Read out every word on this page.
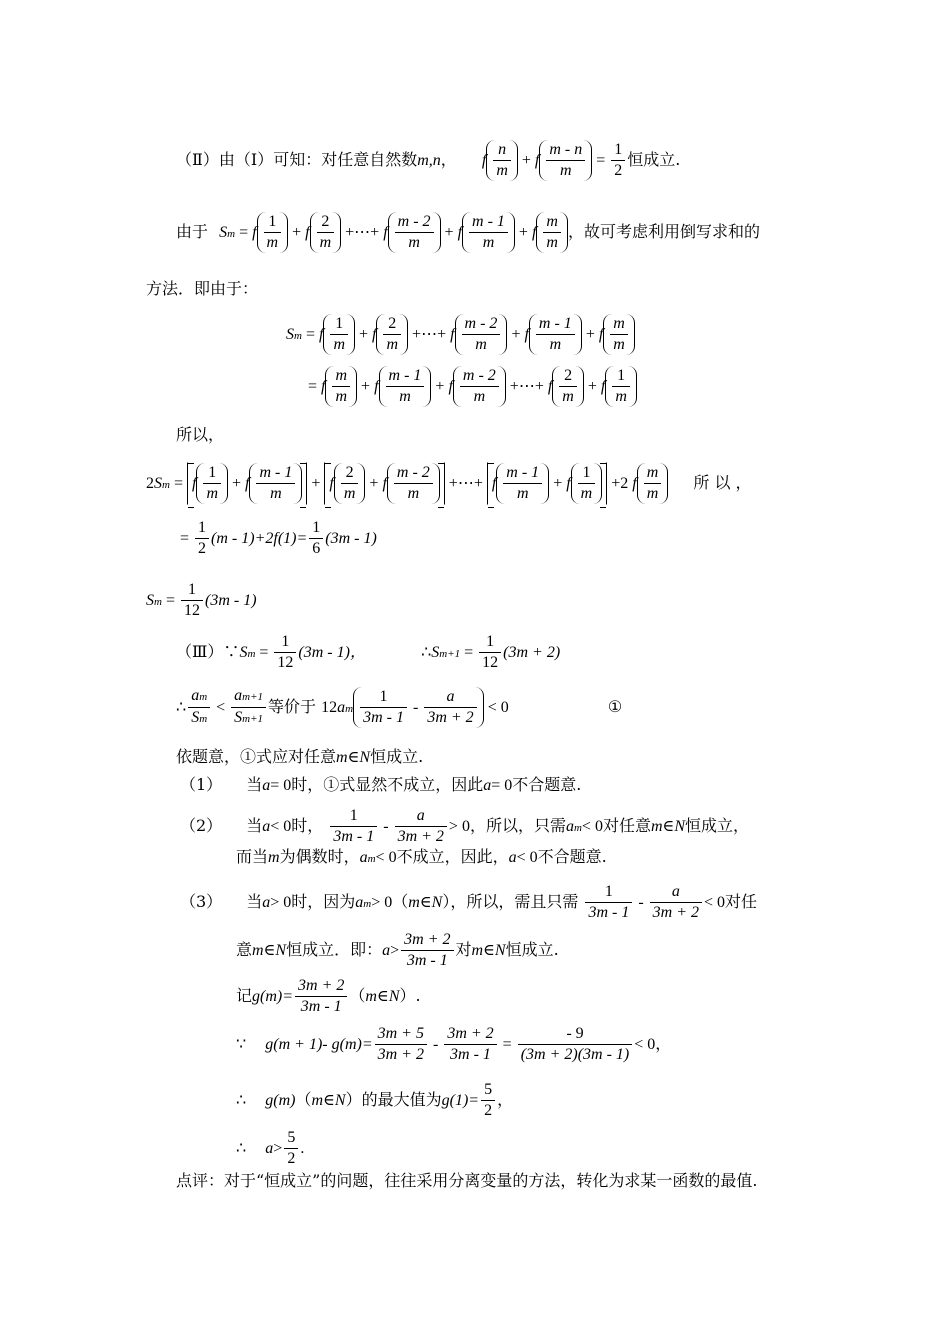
（Ⅱ）由（Ⅰ）可知：对任意自然数m,n， f $\frac{n}{m} + f \frac{m - n}{m} = \frac{1}{2}$ 恒成立.
由于 Sm = f $\frac{1}{m} + f \frac{2}{m}$ +⋯+ f $\frac{m - 2}{m} + f \frac{m - 1}{m} + f \frac{m}{m}$ ，故可考虑利用倒写求和的
方法．即由于：
Sm = f $\frac{1}{m} + f \frac{2}{m}$ +⋯+ f $\frac{m - 2}{m} + f \frac{m - 1}{m} + f \frac{m}{m}$
= f $\frac{m}{m} + f \frac{m - 1}{m} + f \frac{m - 2}{m}$ +⋯+ f $\frac{2}{m} + f \frac{1}{m}$
所以，
2Sm = f $\frac{1}{m} + f \frac{m - 1}{m} + f \frac{2}{m} + f \frac{m - 2}{m}$ +⋯+ f $\frac{m - 1}{m} + f \frac{1}{m} +2$ f $\frac{m}{m}$ 所 以 ，
= $\frac{1}{2} (m - 1)+2f(1)= \frac{1}{6} (3m - 1)$
$Sm = \frac{1}{12} (3m - 1)$
（Ⅲ）∵Sm = $\frac{1}{12} (3m - 1)$，	∴Sm+1 = $\frac{1}{12} (3m + 2)$
∴ $\frac{am}{Sm} < \frac{am+1}{Sm+1}$ 等价于 $12am \frac{1}{3m - 1} - \frac{a}{3m + 2} < 0$	①
依题意，①式应对任意m∈N恒成立.
（1） 当a= 0时，①式显然不成立，因此a= 0不合题意.
（2） 当a< 0时， $\frac{1}{3m - 1} - \frac{a}{3m + 2} > 0$，所以，只需am< 0对任意m∈N恒成立，
而当m为偶数时，am< 0不成立，因此，a< 0不合题意.
（3） 当a> 0时，因为am> 0（m∈N），所以，需且只需 $\frac{1}{3m - 1} - \frac{a}{3m + 2} < 0$对任
意m∈N恒成立．即：$a> \frac{3m + 2}{3m - 1}$ 对m∈N恒成立.
记$g(m)= \frac{3m + 2}{3m - 1}$ （m∈N）.
∵ g(m + 1)- $g(m)= \frac{3m + 5}{3m + 2} - \frac{3m + 2}{3m - 1} = \frac{- 9}{(3m + 2)(3m - 1)} < 0$，
∴ g(m)（m∈N）的最大值为$g(1)= \frac{5}{2}$ ，
∴ $a> \frac{5}{2}$ .
点评：对于“恒成立”的问题，往往采用分离变量的方法，转化为求某一函数的最值.
